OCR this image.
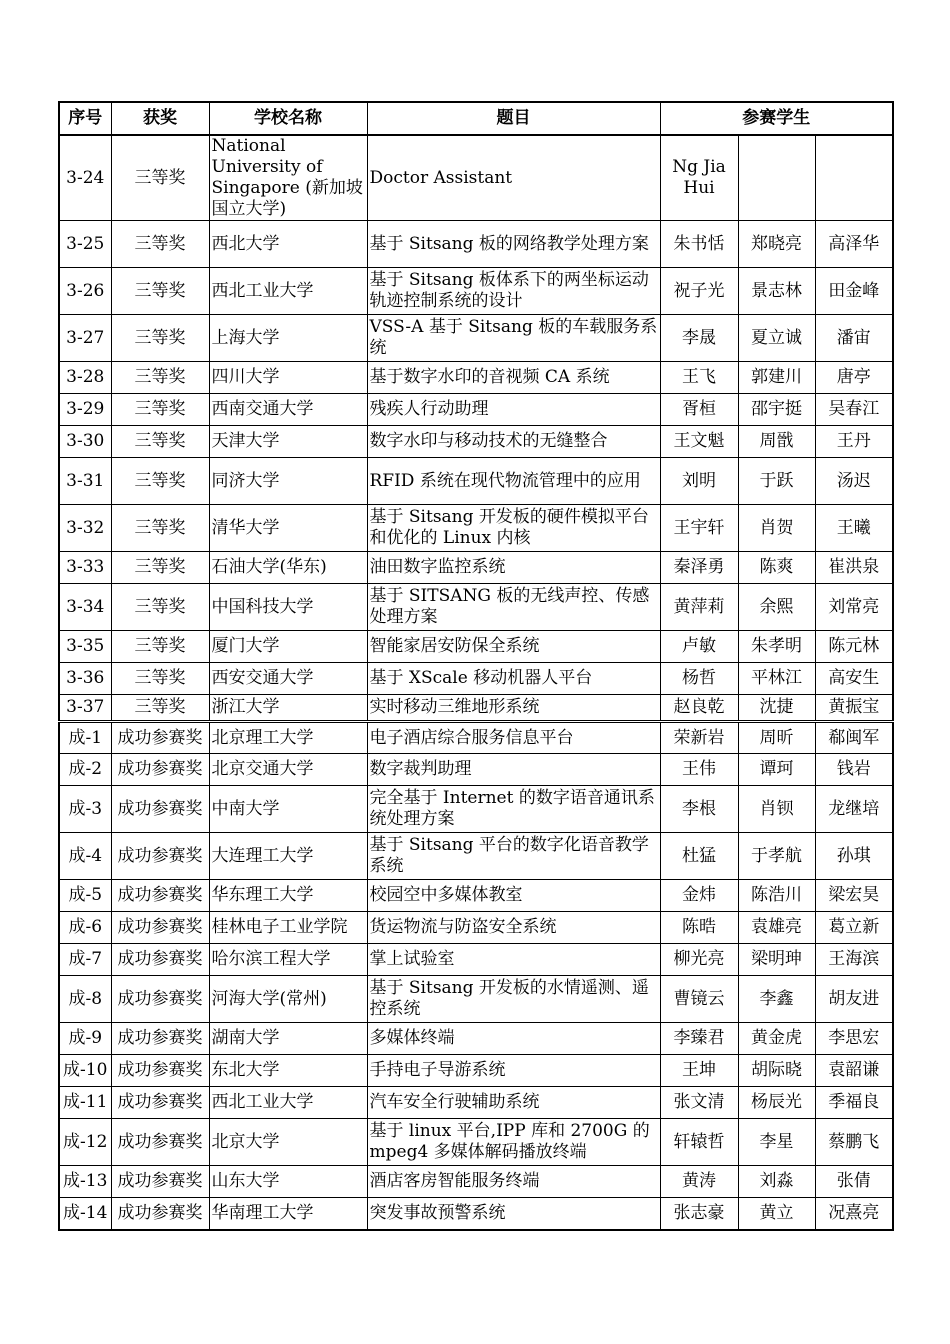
序号	获奖	学校名称	题目	参赛学生		
3-24	三等奖	National University of Singapore (新加坡国立大学)	Doctor Assistant	Ng Jia Hui		
3-25	三等奖	西北大学	基于 Sitsang 板的网络教学处理方案	朱书恬	郑晓亮	高泽华
3-26	三等奖	西北工业大学	基于 Sitsang 板体系下的两坐标运动轨迹控制系统的设计	祝子光	景志林	田金峰
3-27	三等奖	上海大学	VSS-A 基于 Sitsang 板的车载服务系统	李晟	夏立诚	潘宙
3-28	三等奖	四川大学	基于数字水印的音视频 CA 系统	王飞	郭建川	唐亭
3-29	三等奖	西南交通大学	残疾人行动助理	胥桓	邵宇挺	吴春江
3-30	三等奖	天津大学	数字水印与移动技术的无缝整合	王文魁	周戩	王丹
3-31	三等奖	同济大学	RFID 系统在现代物流管理中的应用	刘明	于跃	汤迟
3-32	三等奖	清华大学	基于 Sitsang 开发板的硬件模拟平台和优化的 Linux 内核	王宇轩	肖贺	王曦
3-33	三等奖	石油大学(华东)	油田数字监控系统	秦泽勇	陈爽	崔洪泉
3-34	三等奖	中国科技大学	基于 SITSANG 板的无线声控、传感处理方案	黄萍莉	余熙	刘常亮
3-35	三等奖	厦门大学	智能家居安防保全系统	卢敏	朱孝明	陈元林
3-36	三等奖	西安交通大学	基于 XScale 移动机器人平台	杨哲	平林江	高安生
3-37	三等奖	浙江大学	实时移动三维地形系统	赵良乾	沈捷	黄振宝
成-1	成功参赛奖	北京理工大学	电子酒店综合服务信息平台	荣新岩	周昕	郗闽军
成-2	成功参赛奖	北京交通大学	数字裁判助理	王伟	谭珂	钱岩
成-3	成功参赛奖	中南大学	完全基于 Internet 的数字语音通讯系统处理方案	李根	肖钡	龙继培
成-4	成功参赛奖	大连理工大学	基于 Sitsang 平台的数字化语音教学系统	杜猛	于孝航	孙琪
成-5	成功参赛奖	华东理工大学	校园空中多媒体教室	金炜	陈浩川	梁宏昊
成-6	成功参赛奖	桂林电子工业学院	货运物流与防盗安全系统	陈晧	袁雄亮	葛立新
成-7	成功参赛奖	哈尔滨工程大学	掌上试验室	柳光亮	梁明珅	王海滨
成-8	成功参赛奖	河海大学(常州)	基于 Sitsang 开发板的水情遥测、遥控系统	曹镜云	李鑫	胡友进
成-9	成功参赛奖	湖南大学	多媒体终端	李臻君	黄金虎	李思宏
成-10	成功参赛奖	东北大学	手持电子导游系统	王坤	胡际晓	袁韶谦
成-11	成功参赛奖	西北工业大学	汽车安全行驶辅助系统	张文清	杨辰光	季福良
成-12	成功参赛奖	北京大学	基于 linux 平台,IPP 库和 2700G 的 mpeg4 多媒体解码播放终端	轩辕哲	李星	蔡鹏飞
成-13	成功参赛奖	山东大学	酒店客房智能服务终端	黄涛	刘淼	张倩
成-14	成功参赛奖	华南理工大学	突发事故预警系统	张志豪	黄立	况熹亮
